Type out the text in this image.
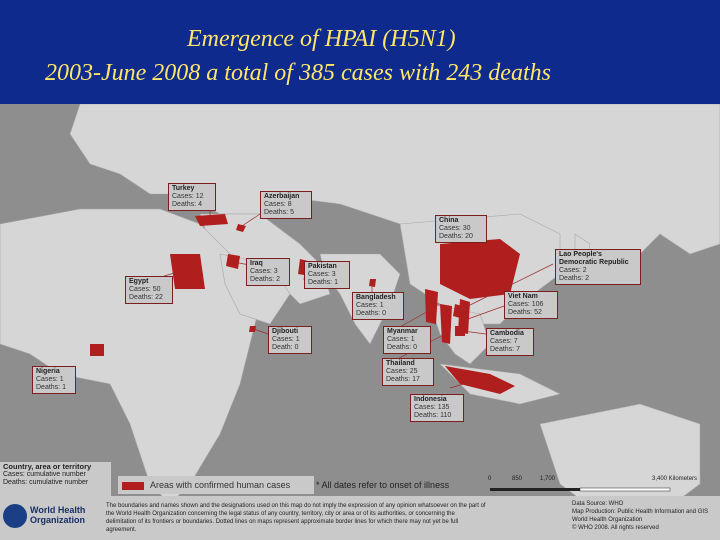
Emergence of HPAI (H5N1)
2003-June 2008 a total of 385 cases with 243 deaths
Turkey
Cases: 12
Deaths: 4
Azerbaijan
Cases: 8
Deaths: 5
China
Cases: 30
Deaths: 20
Lao People's Democratic Republic
Cases: 2
Deaths: 2
Iraq
Cases: 3
Deaths: 2
Pakistan
Cases: 3
Deaths: 1
Egypt
Cases: 50
Deaths: 22	Bangladesh
Cases: 1
Deaths: 0
Viet Nam
Cases: 106
Deaths: 52
Djibouti
Cases: 1
Death: 0
Myanmar
Cases: 1
Deaths: 0
Cambodia
Cases: 7
Deaths: 7
Nigeria
Cases: 1
Deaths: 1
Thailand
Cases: 25
Deaths: 17
Indonesia
Cases: 135
Deaths: 110
Country, area or territory
Cases: cumulative number
Deaths: cumulative number	Areas with confirmed human cases	* All dates refer to onset of illness
0	850	1,700	3,400 Kilometers
World Health
Organization
The boundaries and names shown and the designations used on this map do not imply the expression of any opinion whatsoever on the part of the World Health Organization concerning the legal status of any country, territory, city or area or of its authorities, or concerning the delimitation of its frontiers or boundaries. Dotted lines on maps represent approximate border lines for which there may not yet be full agreement.
Data Source: WHO
Map Production: Public Health Information and GIS
World Health Organization
© WHO 2008. All rights reserved
